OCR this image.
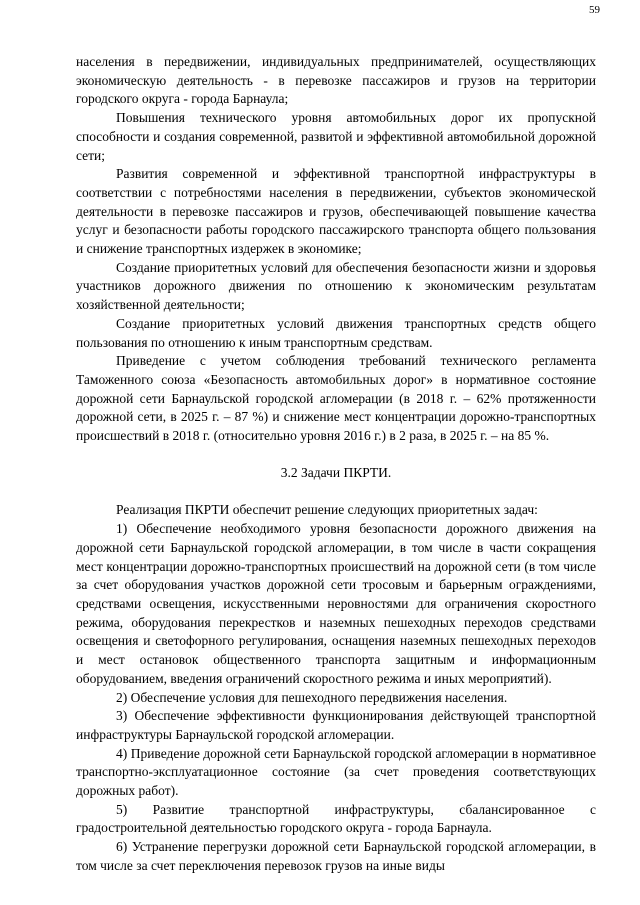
59

населения в передвижении, индивидуальных предпринимателей, осуществляющих экономическую деятельность - в перевозке пассажиров и грузов на территории городского округа - города Барнаула;

Повышения технического уровня автомобильных дорог их пропускной способности и создания современной, развитой и эффективной автомобильной дорожной сети;

Развития современной и эффективной транспортной инфраструктуры в соответствии с потребностями населения в передвижении, субъектов экономической деятельности в перевозке пассажиров и грузов, обеспечивающей повышение качества услуг и безопасности работы городского пассажирского транспорта общего пользования и снижение транспортных издержек в экономике;

Создание приоритетных условий для обеспечения безопасности жизни и здоровья участников дорожного движения по отношению к экономическим результатам хозяйственной деятельности;

Создание приоритетных условий движения транспортных средств общего пользования по отношению к иным транспортным средствам.

Приведение с учетом соблюдения требований технического регламента Таможенного союза «Безопасность автомобильных дорог» в нормативное состояние дорожной сети Барнаульской городской агломерации (в 2018 г. – 62% протяженности дорожной сети, в 2025 г. – 87 %) и снижение мест концентрации дорожно-транспортных происшествий в 2018 г. (относительно уровня 2016 г.) в 2 раза, в 2025 г. – на 85 %.

3.2 Задачи ПКРТИ.

Реализация ПКРТИ обеспечит решение следующих приоритетных задач:

1) Обеспечение необходимого уровня безопасности дорожного движения на дорожной сети Барнаульской городской агломерации, в том числе в части сокращения мест концентрации дорожно-транспортных происшествий на дорожной сети (в том числе за счет оборудования участков дорожной сети тросовым и барьерным ограждениями, средствами освещения, искусственными неровностями для ограничения скоростного режима, оборудования перекрестков и наземных пешеходных переходов средствами освещения и светофорного регулирования, оснащения наземных пешеходных переходов и мест остановок общественного транспорта защитным и информационным оборудованием, введения ограничений скоростного режима и иных мероприятий).

2) Обеспечение условия для пешеходного передвижения населения.

3) Обеспечение эффективности функционирования действующей транспортной инфраструктуры Барнаульской городской агломерации.

4) Приведение дорожной сети Барнаульской городской агломерации в нормативное транспортно-эксплуатационное состояние (за счет проведения соответствующих дорожных работ).

5) Развитие транспортной инфраструктуры, сбалансированное с градостроительной деятельностью городского округа - города Барнаула.

6) Устранение перегрузки дорожной сети Барнаульской городской агломерации, в том числе за счет переключения перевозок грузов на иные виды
